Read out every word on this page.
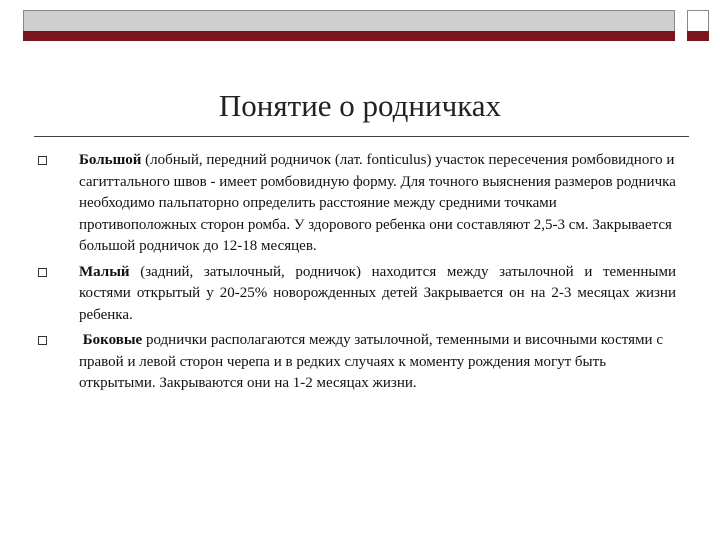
Понятие о родничках
Большой (лобный, передний родничок (лат. fonticulus) участок пересечения ромбовидного и сагиттального швов - имеет ромбовидную форму. Для точного выяснения размеров родничка необходимо пальпаторно определить расстояние между средними точками противоположных сторон ромба. У здорового ребенка они составляют 2,5-3 см. Закрывается большой родничок до 12-18 месяцев.
Малый (задний, затылочный, родничок) находится между затылочной и теменными костями открытый у 20-25% новорожденных детей Закрывается он на 2-3 месяцах жизни ребенка.
Боковые роднички располагаются между затылочной, теменными и височными костями с правой и левой сторон черепа и в редких случаях к моменту рождения могут быть открытыми. Закрываются они на 1-2 месяцах жизни.
